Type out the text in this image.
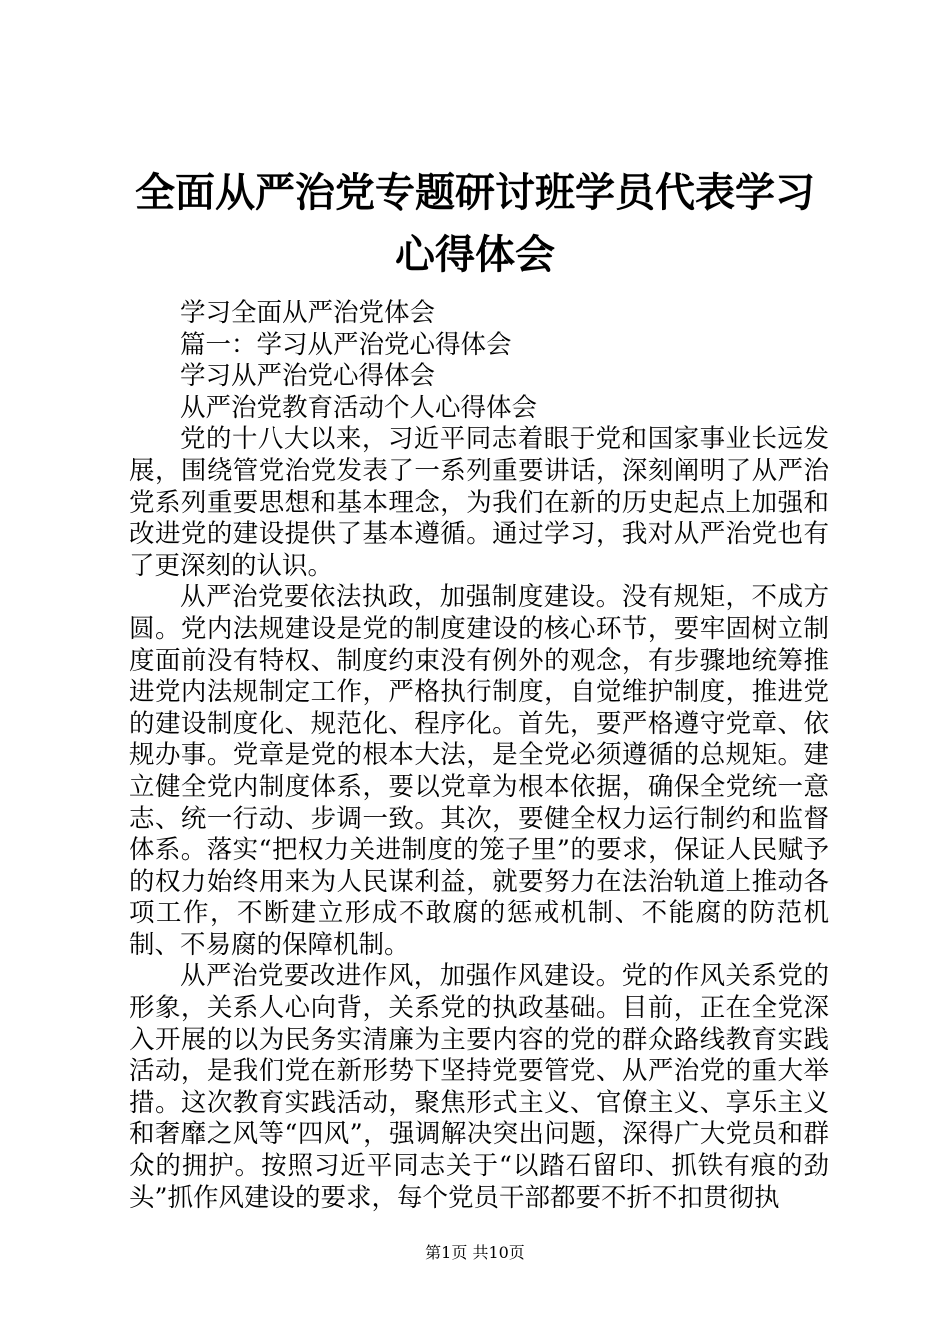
全面从严治党专题研讨班学员代表学习心得体会

学习全面从严治党体会

篇一：学习从严治党心得体会

学习从严治党心得体会

从严治党教育活动个人心得体会

党的十八大以来，习近平同志着眼于党和国家事业长远发展，围绕管党治党发表了一系列重要讲话，深刻阐明了从严治党系列重要思想和基本理念，为我们在新的历史起点上加强和改进党的建设提供了基本遵循。通过学习，我对从严治党也有了更深刻的认识。

从严治党要依法执政，加强制度建设。没有规矩，不成方圆。党内法规建设是党的制度建设的核心环节，要牢固树立制度面前没有特权、制度约束没有例外的观念，有步骤地统筹推进党内法规制定工作，严格执行制度，自觉维护制度，推进党的建设制度化、规范化、程序化。首先，要严格遵守党章、依规办事。党章是党的根本大法，是全党必须遵循的总规矩。建立健全党内制度体系，要以党章为根本依据，确保全党统一意志、统一行动、步调一致。其次，要健全权力运行制约和监督体系。落实“把权力关进制度的笼子里”的要求，保证人民赋予的权力始终用来为人民谋利益，就要努力在法治轨道上推动各项工作，不断建立形成不敢腐的惩戒机制、不能腐的防范机制、不易腐的保障机制。

从严治党要改进作风，加强作风建设。党的作风关系党的形象，关系人心向背，关系党的执政基础。目前，正在全党深入开展的以为民务实清廉为主要内容的党的群众路线教育实践活动，是我们党在新形势下坚持党要管党、从严治党的重大举措。这次教育实践活动，聚焦形式主义、官僚主义、享乐主义和奢靡之风等“四风”，强调解决突出问题，深得广大党员和群众的拥护。按照习近平同志关于“以踏石留印、抓铁有痕的劲头”抓作风建设的要求，每个党员干部都要不折不扣贯彻执

第1页 共10页
